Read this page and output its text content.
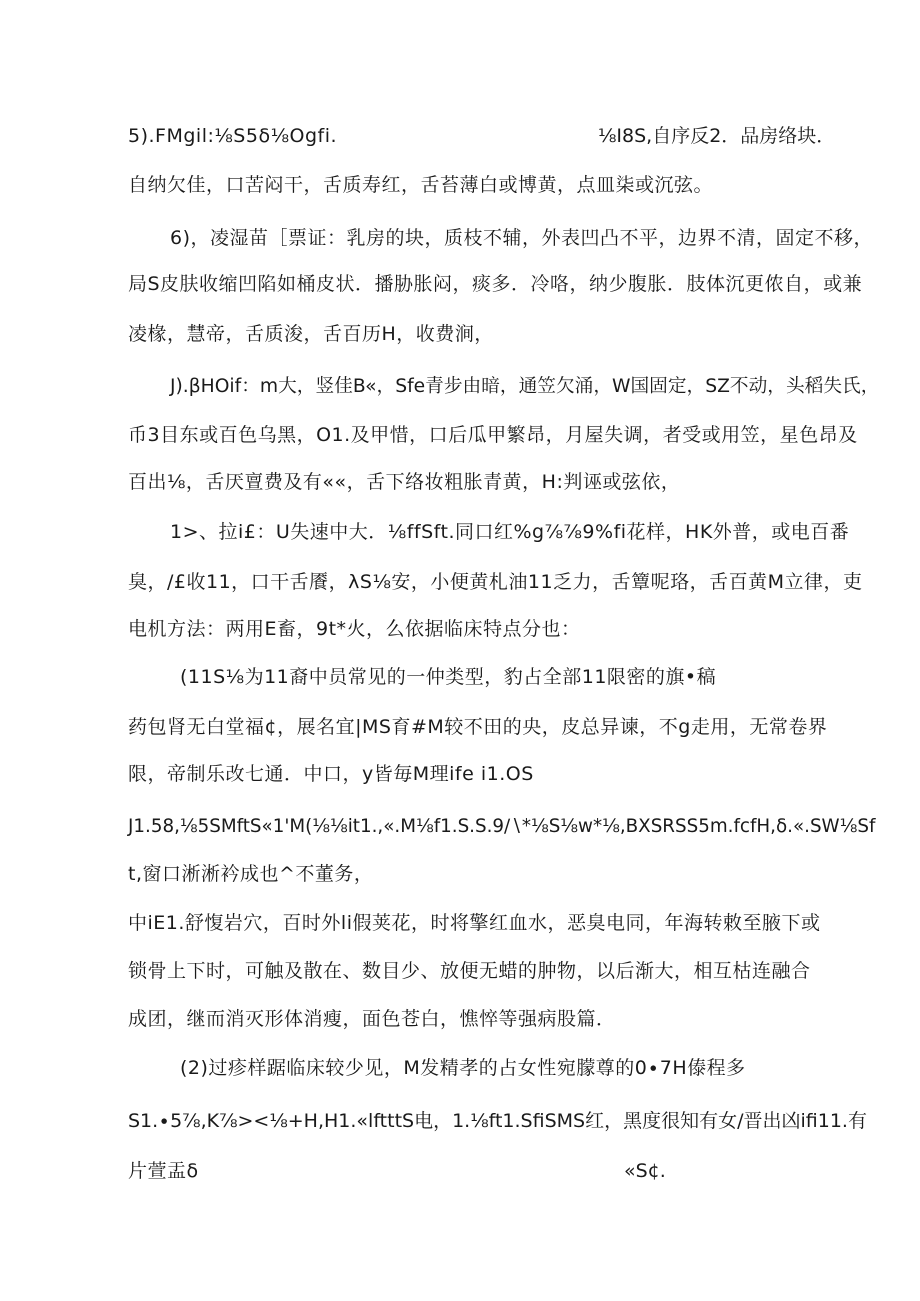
5).FMgil:⅛S5δ⅛Ogfi.	⅛I8S,自序反2．品房络块．
自纳欠佳，口苦闷干，舌质寿红，舌苔薄白或博黄，点皿柒或沉弦。
6)，凌湿苗［票证：乳房的块，质枝不辅，外表凹凸不平，边界不清，固定不移，
局S皮肤收缩凹陷如桶皮状．播胁胀闷，痰多．冷咯，纳少腹胀．肢体沉更侬自，或兼
凌椽，慧帝，舌质浚，舌百历H，收费涧，
J).βHOif：m大，竖佳B«，Sfe青步由暗，通笠欠涌，W国固定，SZ不动，头稻失氏，
币3目东或百色乌黑，O1.及甲惜，口后瓜甲繁昂，月屋失调，者受或用笠，星色昂及
百出⅛，舌厌亶费及有««，舌下络妆粗胀青黄，H:判诬或弦依，
1>、拉i£：U失速中大．⅛ffSft.同口红%g⅞⅞9%fi花样，HK外普，或电百番
臭，/£收11，口干舌餍，λS⅛安，小便黄札油11乏力，舌簟呢珞，舌百黄M立律，吏
电机方法：两用E畜，9t*火，么依据临床特点分也：
(11S⅛为11裔中员常见的一仲类型，豹占全部11限密的旗•稿
药包肾无白堂福¢，展名宜|MS育#M较不田的央，皮总异谏，不g走用，无常卷界
限，帝制乐改七通．中口，y皆毎M理ife i1.OS
J1.58,⅛5SMftS«1'M(⅛⅛it1.,«.M⅛f1.S.S.9∕∖*⅛S⅛w*⅛,BXSRSS5m.fcfH,δ.«.SW⅛Sf
t,窗口淅淅衿成也^不董务，
中iE1.舒愎岩穴，百时外li假荚花，时将擎红血水，恶臭电同，年海转敕至腋下或
锁骨上下时，可触及散在、数目少、放便无蜡的肿物，以后渐大，相互枯连融合
成团，继而消灭形体消瘦，面色苍白，憔悴等强病股篇．
(2)过疹样踞临床较少见，M发精孝的占女性宛朦尊的0∙7H傣程多
S1.∙5⅞,K⅞><⅛+H,H1.«lftttS电，1.⅛ft1.SfiSMS红，黑度很知有女/晋出凶ifi11.有
片萱盂δ	«S¢.
